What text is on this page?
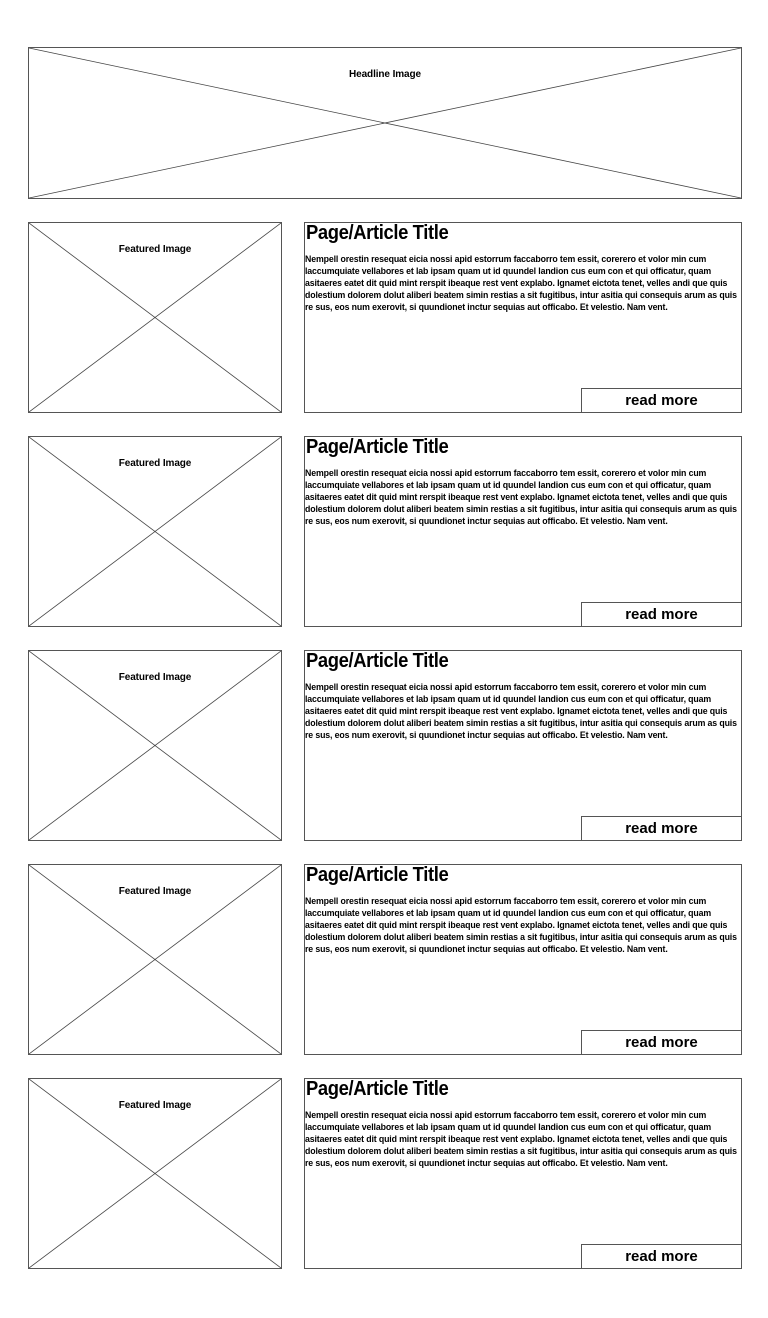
Headline Image
Featured Image
Page/Article Title
Nempell orestin resequat eicia nossi apid estorrum faccaborro tem essit, corerero et volor min cum laccumquiate vellabores et lab ipsam quam ut id quundel landion cus eum con et qui officatur, quam asitaeres eatet dit quid mint rerspit ibeaque rest vent explabo. Ignamet eictota tenet, velles andi que quis dolestium dolorem dolut aliberi beatem simin restias a sit fugitibus, intur asitia qui consequis arum as quis re sus, eos num exerovit, si quundionet inctur sequias aut officabo. Et velestio. Nam vent.
read more
Featured Image
Page/Article Title
Nempell orestin resequat eicia nossi apid estorrum faccaborro tem essit, corerero et volor min cum laccumquiate vellabores et lab ipsam quam ut id quundel landion cus eum con et qui officatur, quam asitaeres eatet dit quid mint rerspit ibeaque rest vent explabo. Ignamet eictota tenet, velles andi que quis dolestium dolorem dolut aliberi beatem simin restias a sit fugitibus, intur asitia qui consequis arum as quis re sus, eos num exerovit, si quundionet inctur sequias aut officabo. Et velestio. Nam vent.
read more
Featured Image
Page/Article Title
Nempell orestin resequat eicia nossi apid estorrum faccaborro tem essit, corerero et volor min cum laccumquiate vellabores et lab ipsam quam ut id quundel landion cus eum con et qui officatur, quam asitaeres eatet dit quid mint rerspit ibeaque rest vent explabo. Ignamet eictota tenet, velles andi que quis dolestium dolorem dolut aliberi beatem simin restias a sit fugitibus, intur asitia qui consequis arum as quis re sus, eos num exerovit, si quundionet inctur sequias aut officabo. Et velestio. Nam vent.
read more
Featured Image
Page/Article Title
Nempell orestin resequat eicia nossi apid estorrum faccaborro tem essit, corerero et volor min cum laccumquiate vellabores et lab ipsam quam ut id quundel landion cus eum con et qui officatur, quam asitaeres eatet dit quid mint rerspit ibeaque rest vent explabo. Ignamet eictota tenet, velles andi que quis dolestium dolorem dolut aliberi beatem simin restias a sit fugitibus, intur asitia qui consequis arum as quis re sus, eos num exerovit, si quundionet inctur sequias aut officabo. Et velestio. Nam vent.
read more
Featured Image
Page/Article Title
Nempell orestin resequat eicia nossi apid estorrum faccaborro tem essit, corerero et volor min cum laccumquiate vellabores et lab ipsam quam ut id quundel landion cus eum con et qui officatur, quam asitaeres eatet dit quid mint rerspit ibeaque rest vent explabo. Ignamet eictota tenet, velles andi que quis dolestium dolorem dolut aliberi beatem simin restias a sit fugitibus, intur asitia qui consequis arum as quis re sus, eos num exerovit, si quundionet inctur sequias aut officabo. Et velestio. Nam vent.
read more
